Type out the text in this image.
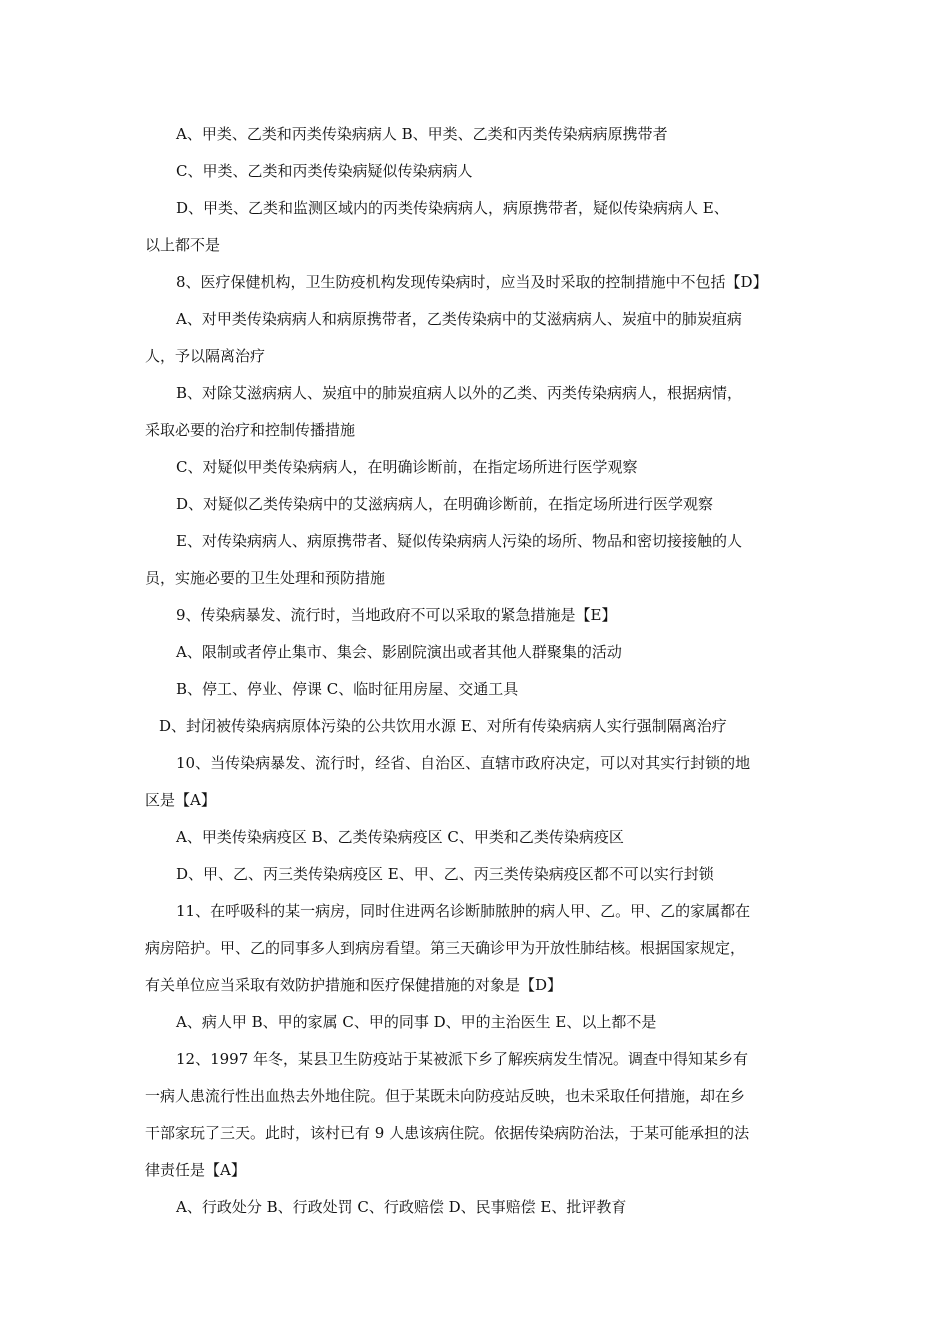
A、甲类、乙类和丙类传染病病人 B、甲类、乙类和丙类传染病病原携带者
C、甲类、乙类和丙类传染病疑似传染病病人
D、甲类、乙类和监测区域内的丙类传染病病人，病原携带者，疑似传染病病人 E、
以上都不是
8、医疗保健机构，卫生防疫机构发现传染病时，应当及时采取的控制措施中不包括【D】
A、对甲类传染病病人和病原携带者，乙类传染病中的艾滋病病人、炭疽中的肺炭疽病
人，予以隔离治疗
B、对除艾滋病病人、炭疽中的肺炭疽病人以外的乙类、丙类传染病病人，根据病情，
采取必要的治疗和控制传播措施
C、对疑似甲类传染病病人，在明确诊断前，在指定场所进行医学观察
D、对疑似乙类传染病中的艾滋病病人，在明确诊断前，在指定场所进行医学观察
E、对传染病病人、病原携带者、疑似传染病病人污染的场所、物品和密切接接触的人
员，实施必要的卫生处理和预防措施
9、传染病暴发、流行时，当地政府不可以采取的紧急措施是【E】
A、限制或者停止集市、集会、影剧院演出或者其他人群聚集的活动
B、停工、停业、停课 C、临时征用房屋、交通工具
D、封闭被传染病病原体污染的公共饮用水源 E、对所有传染病病人实行强制隔离治疗
10、当传染病暴发、流行时，经省、自治区、直辖市政府决定，可以对其实行封锁的地
区是【A】
A、甲类传染病疫区 B、乙类传染病疫区 C、甲类和乙类传染病疫区
D、甲、乙、丙三类传染病疫区 E、甲、乙、丙三类传染病疫区都不可以实行封锁
11、在呼吸科的某一病房，同时住进两名诊断肺脓肿的病人甲、乙。甲、乙的家属都在
病房陪护。甲、乙的同事多人到病房看望。第三天确诊甲为开放性肺结核。根据国家规定，
有关单位应当采取有效防护措施和医疗保健措施的对象是【D】
A、病人甲 B、甲的家属 C、甲的同事 D、甲的主治医生 E、以上都不是
12、1997 年冬，某县卫生防疫站于某被派下乡了解疾病发生情况。调查中得知某乡有
一病人患流行性出血热去外地住院。但于某既未向防疫站反映，也未采取任何措施，却在乡
干部家玩了三天。此时，该村已有 9 人患该病住院。依据传染病防治法，于某可能承担的法
律责任是【A】
A、行政处分 B、行政处罚 C、行政赔偿 D、民事赔偿 E、批评教育
